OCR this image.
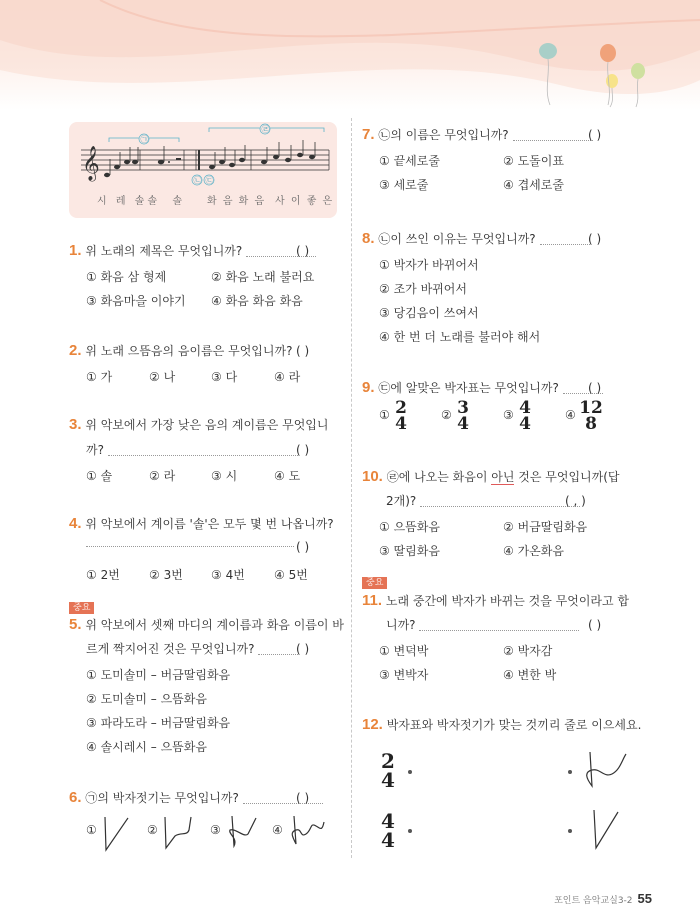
𝄞
㉠
㉡ ㉢
㉣
시 레 솔솔  솔 화 음 화 음  사 이 좋 은
1. 위 노래의 제목은 무엇입니까?	( )
① 화음 삼 형제	② 화음 노래 불러요
③ 화음마을 이야기 ④ 화음 화음 화음
2. 위 노래 으뜸음의 음이름은 무엇입니까? ( )
① 가	② 나	③ 다	④ 라
3. 위 악보에서 가장 낮은 음의 계이름은 무엇입니
까?	( )
① 솔	② 라	③ 시	④ 도
4. 위 악보에서 계이름 '솔'은 모두 몇 번 나옵니까?
( )
① 2번 ② 3번 ③ 4번 ④ 5번
중요
5. 위 악보에서 셋째 마디의 계이름과 화음 이름이 바
르게 짝지어진 것은 무엇입니까?	( )
① 도미솔미 – 버금딸림화음
② 도미솔미 – 으뜸화음
③ 파라도라 – 버금딸림화음
④ 솔시레시 – 으뜸화음
6. ㉠의 박자젓기는 무엇입니까?	( )
①	②	③	④
7. ㉡의 이름은 무엇입니까?	( )
① 끝세로줄	② 도돌이표
③ 세로줄	④ 겹세로줄
8. ㉡이 쓰인 이유는 무엇입니까?	( )
① 박자가 바뀌어서
② 조가 바뀌어서
③ 당김음이 쓰여서
④ 한 번 더 노래를 불러야 해서
9. ㉢에 알맞은 박자표는 무엇입니까?	( )
① 2
4	② 3
4	③ 4
4	④ 12
8
10. ㉣에 나오는 화음이 아닌 것은 무엇입니까(답
2개)?	( , )
① 으뜸화음	② 버금딸림화음
③ 딸림화음	④ 가온화음
중요
11. 노래 중간에 박자가 바뀌는 것을 무엇이라고 합
니까?	( )
① 변덕박	② 박자감
③ 변박자	④ 변한 박
12. 박자표와 박자젓기가 맞는 것끼리 줄로 이으세요.
2
4
4
4
포인트 음악교실3-2 55
